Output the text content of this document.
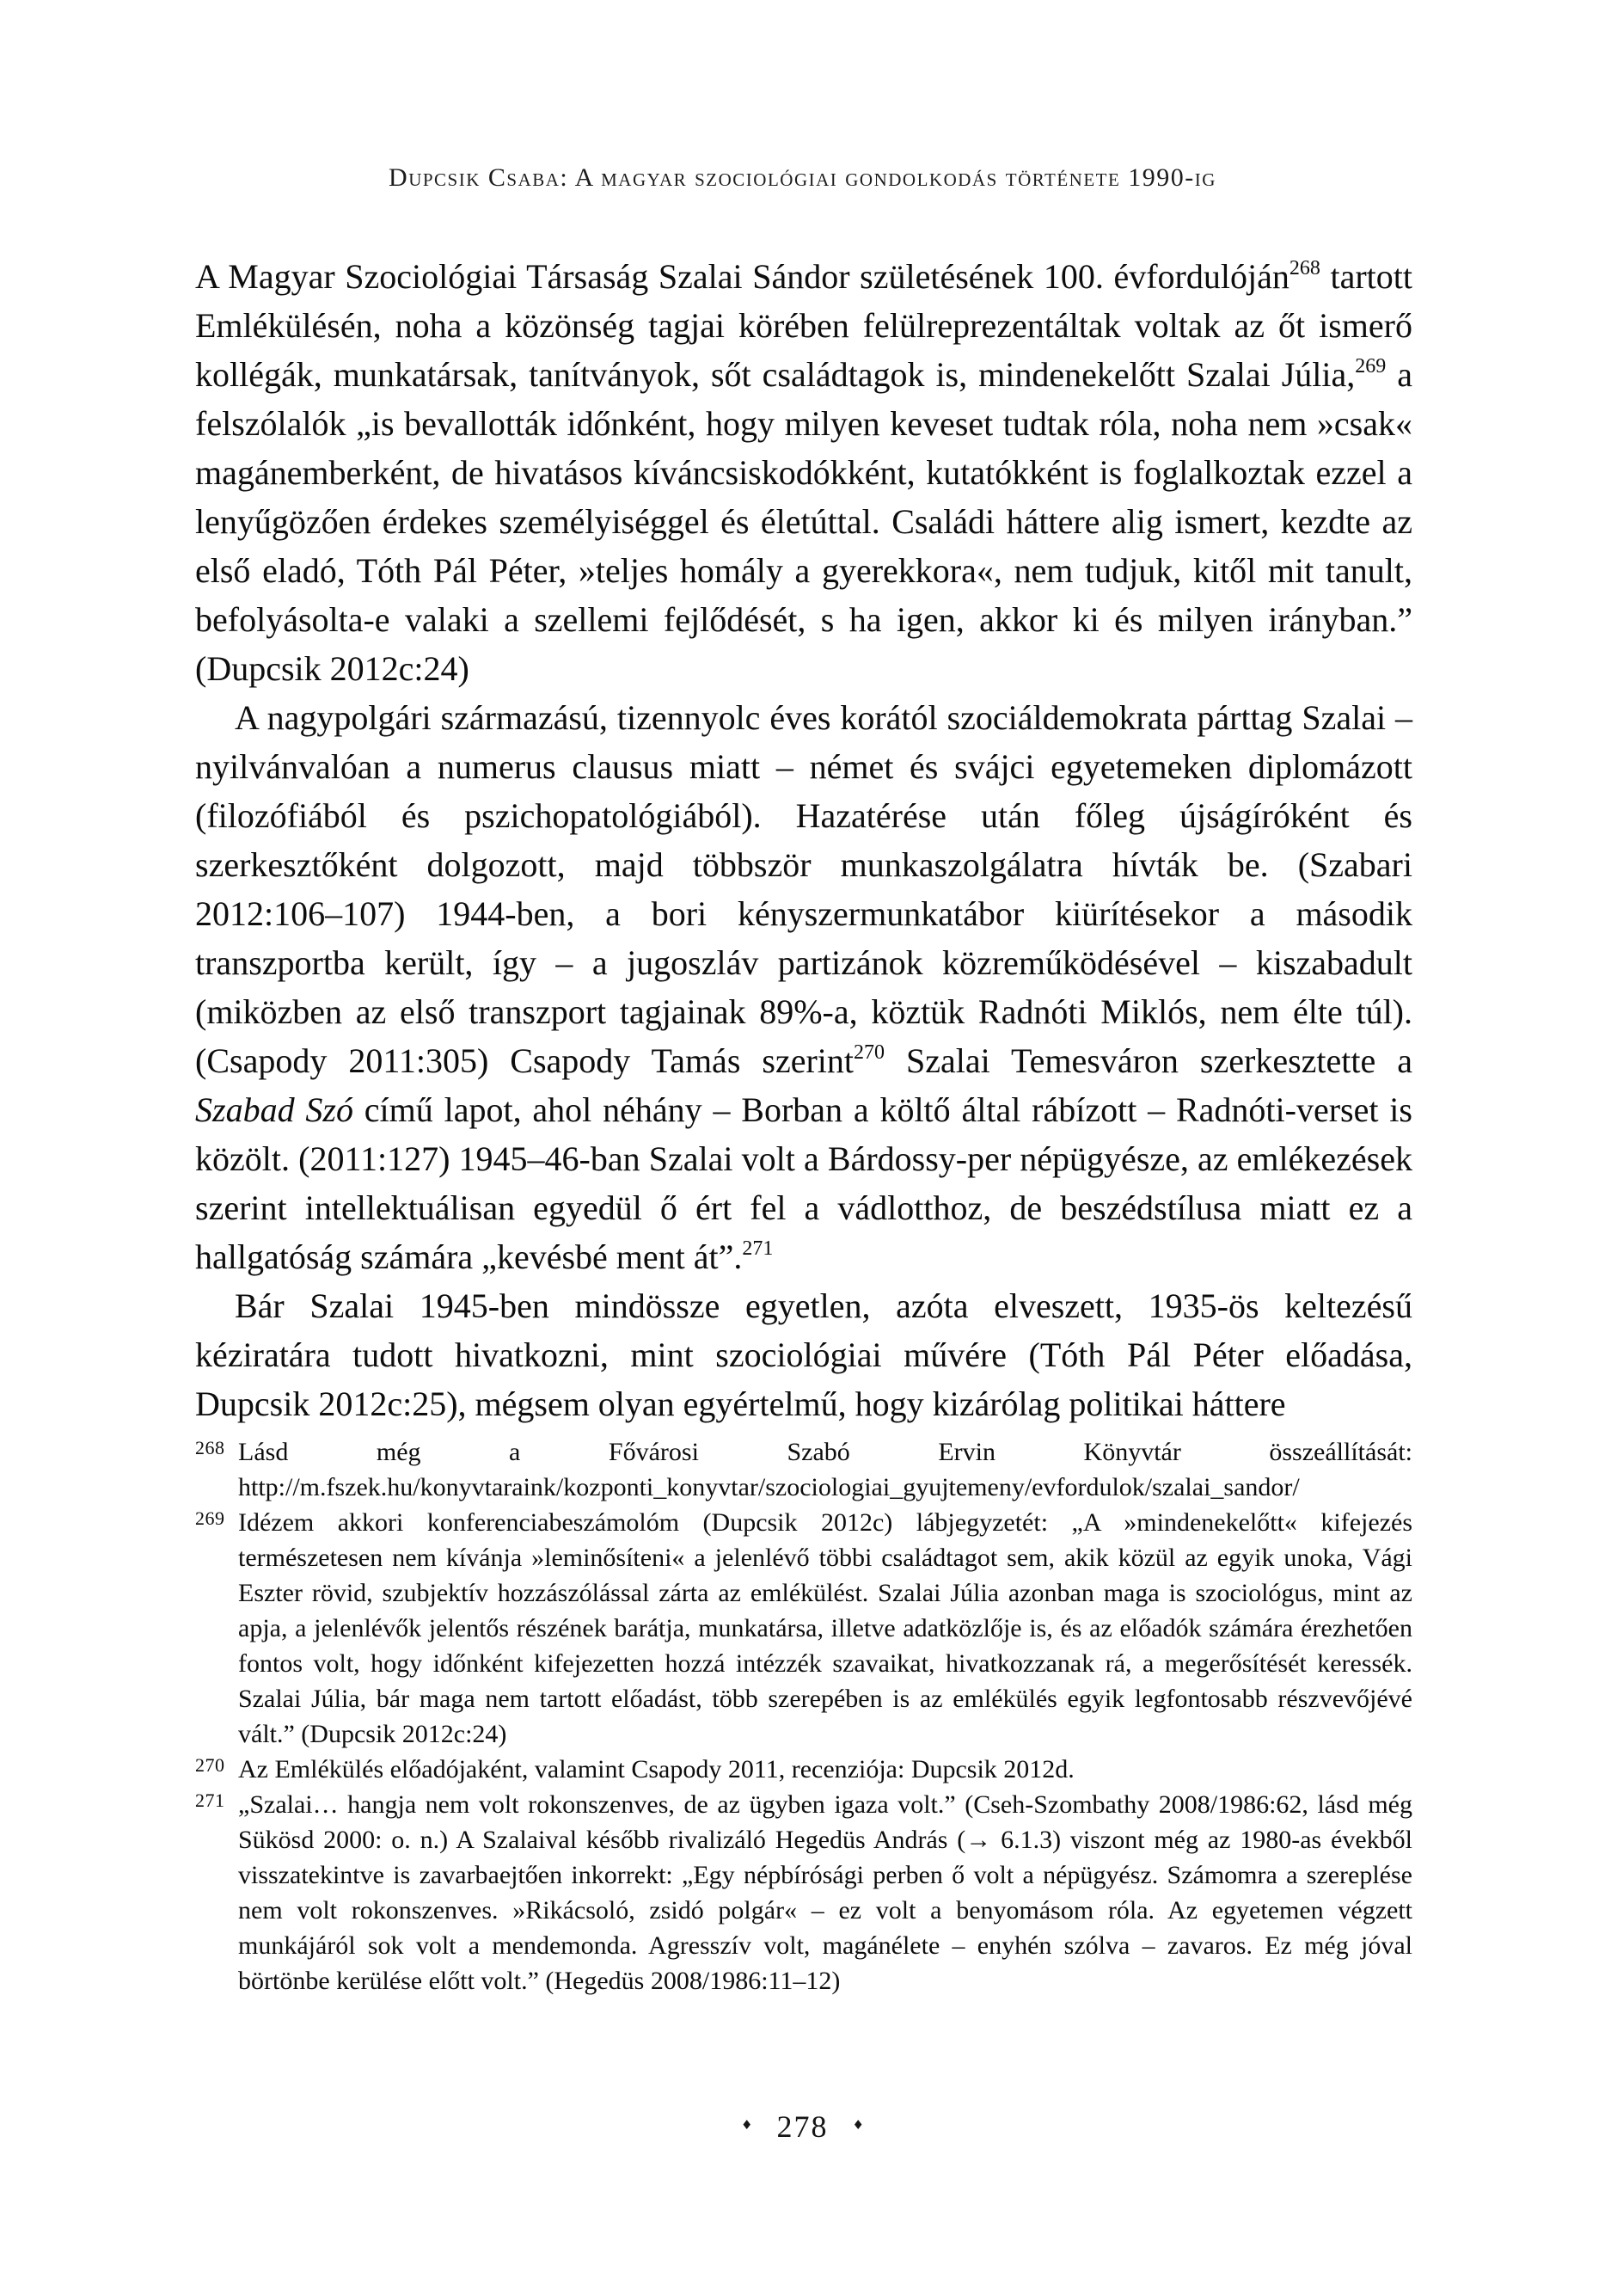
Dupcsik Csaba: A magyar szociológiai gondolkodás története 1990-ig

A Magyar Szociológiai Társaság Szalai Sándor születésének 100. évfordulóján$^{268}$ tartott Emlékülésén, noha a közönség tagjai körében felülreprezentáltak voltak az őt ismerő kollégák, munkatársak, tanítványok, sőt családtagok is, mindenekelőtt Szalai Júlia,$^{269}$ a felszólalók „is bevallották időnként, hogy milyen keveset tudtak róla, noha nem »csak« magánemberként, de hivatásos kíváncsiskodókként, kutatókként is foglalkoztak ezzel a lenyűgözően érdekes személyiséggel és életúttal. Családi háttere alig ismert, kezdte az első eladó, Tóth Pál Péter, »teljes homály a gyerekkora«, nem tudjuk, kitől mit tanult, befolyásolta-e valaki a szellemi fejlődését, s ha igen, akkor ki és milyen irányban.” (Dupcsik 2012c:24)

A nagypolgári származású, tizennyolc éves korától szociáldemokrata párttag Szalai – nyilvánvalóan a numerus clausus miatt – német és svájci egyetemeken diplomázott (filozófiából és pszichopatológiából). Hazatérése után főleg újságíróként és szerkesztőként dolgozott, majd többször munkaszolgálatra hívták be. (Szabari 2012:106–107) 1944-ben, a bori kényszermunkatábor kiürítésekor a második transzportba került, így – a jugoszláv partizánok közreműködésével – kiszabadult (miközben az első transzport tagjainak 89%-a, köztük Radnóti Miklós, nem élte túl). (Csapody 2011:305) Csapody Tamás szerint$^{270}$ Szalai Temesváron szerkesztette a Szabad Szó című lapot, ahol néhány – Borban a költő által rábízott – Radnóti-verset is közölt. (2011:127) 1945–46-ban Szalai volt a Bárdossy-per népügyésze, az emlékezések szerint intellektuálisan egyedül ő ért fel a vádlotthoz, de beszédstílusa miatt ez a hallgatóság számára „kevésbé ment át”.$^{271}$

Bár Szalai 1945-ben mindössze egyetlen, azóta elveszett, 1935-ös keltezésű kéziratára tudott hivatkozni, mint szociológiai művére (Tóth Pál Péter előadása, Dupcsik 2012c:25), mégsem olyan egyértelmű, hogy kizárólag politikai háttere

268 Lásd még a Fővárosi Szabó Ervin Könyvtár összeállítását: http://m.fszek.hu/konyvtaraink/kozponti_konyvtar/szociologiai_gyujtemeny/evfordulok/szalai_sandor/
269 Idézem akkori konferenciabeszámolóm (Dupcsik 2012c) lábjegyzetét: „A »mindenekelőtt« kifejezés természetesen nem kívánja »leminősíteni« a jelenlévő többi családtagot sem, akik közül az egyik unoka, Vági Eszter rövid, szubjektív hozzászólással zárta az emlékülést. Szalai Júlia azonban maga is szociológus, mint az apja, a jelenlévők jelentős részének barátja, munkatársa, illetve adatközlője is, és az előadók számára érezhetően fontos volt, hogy időnként kifejezetten hozzá intézzék szavaikat, hivatkozzanak rá, a megerősítését keressék. Szalai Júlia, bár maga nem tartott előadást, több szerepében is az emlékülés egyik legfontosabb részvevőjévé vált.” (Dupcsik 2012c:24)
270 Az Emlékülés előadójaként, valamint Csapody 2011, recenziója: Dupcsik 2012d.
271 „Szalai… hangja nem volt rokonszenves, de az ügyben igaza volt.” (Cseh-Szombathy 2008/1986:62, lásd még Sükösd 2000: o. n.) A Szalaival később rivalizáló Hegedüs András (→ 6.1.3) viszont még az 1980-as évekből visszatekintve is zavarbaejtően inkorrekt: „Egy népbírósági perben ő volt a népügyész. Számomra a szereplése nem volt rokonszenves. »Rikácsoló, zsidó polgár« – ez volt a benyomásom róla. Az egyetemen végzett munkájáról sok volt a mendemonda. Agresszív volt, magánélete – enyhén szólva – zavaros. Ez még jóval börtönbe kerülése előtt volt.” (Hegedüs 2008/1986:11–12)
♦ 278 ♦
